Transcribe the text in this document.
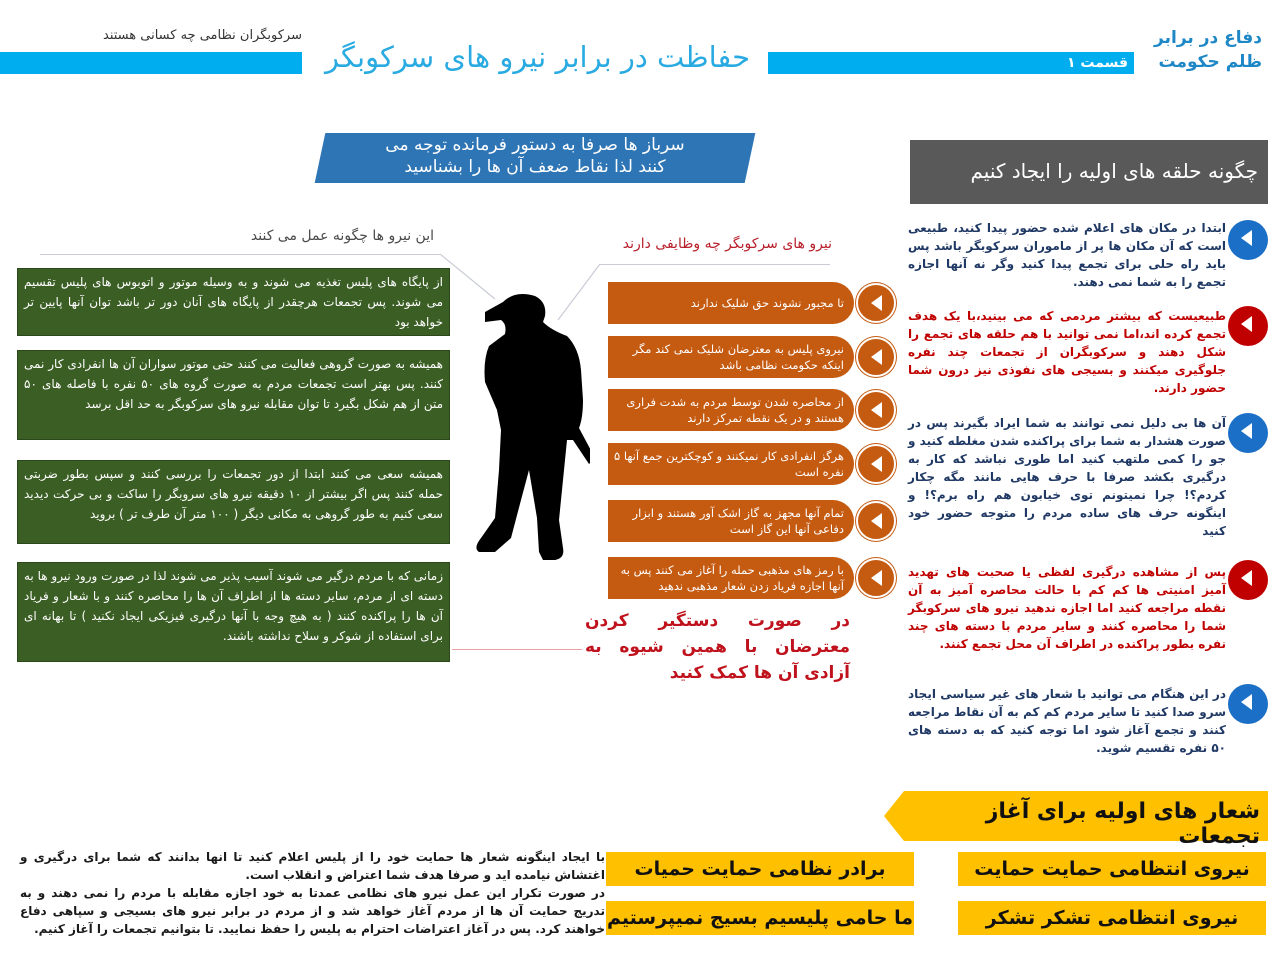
سرکوبگران نظامی چه کسانی هستند
حفاظت در برابر نیرو های سرکوبگر	قسمت ۱
دفاع در برابر
ظلم حکومت
سرباز ها صرفا به دستور فرمانده توجه می
کنند لذا نقاط ضعف آن ها را بشناسید
این نیرو ها چگونه عمل می کنند	نیرو های سرکوبگر چه وظایفی دارند
از پایگاه های پلیس تغذیه می شوند و به وسیله موتور و اتوبوس های پلیس تقسیم می شوند. پس تجمعات هرچقدر از پایگاه های آنان دور تر باشد توان آنها پایین تر خواهد بود
همیشه به صورت گروهی فعالیت می کنند حتی موتور سواران آن ها انفرادی کار نمی کنند. پس بهتر است تجمعات مردم به صورت گروه های ۵۰ نفره با فاصله های ۵۰ متن از هم شکل بگیرد تا توان مقابله نیرو های سرکوبگر به حد اقل برسد
همیشه سعی می کنند ابتدا از دور تجمعات را بررسی کنند و سپس بطور ضربتی حمله کنند پس اگر بیشتر از ۱۰ دقیقه نیرو های سروبگر را ساکت و بی حرکت دیدید سعی کنیم به طور گروهی به مکانی دیگر ( ۱۰۰ متر آن طرف تر ) بروید
زمانی که با مردم درگیر می شوند آسیب پذیر می شوند لذا در صورت ورود نیرو ها به دسته ای از مردم، سایر دسته ها از اطراف آن ها را محاصره کنند و با شعار و فریاد آن ها را پراکنده کنند ( به هیچ وجه با آنها درگیری فیزیکی ایجاد نکنید ) تا بهانه ای برای استفاده از شوکر و سلاح نداشته باشند.
تا مجبور نشوند حق شلیک ندارند
نیروی پلیس به معترضان شلیک نمی کند مگر اینکه حکومت نظامی باشد
از محاصره شدن توسط مردم به شدت فراری هستند و در یک نقطه تمرکز دارند
هرگز انفرادی کار نمیکنند و کوچکترین جمع آنها ۵ نفره است
تمام آنها مجهز به گاز اشک آور هستند و ابزار دفاعی آنها این گاز است
با رمز های مذهبی حمله را آغاز می کنند پس به آنها اجازه فریاد زدن شعار مذهبی ندهید
در صورت دستگیر کردن معترضان با همین شیوه به آزادی آن ها کمک کنید
چگونه حلقه های اولیه را ایجاد کنیم
ابتدا در مکان های اعلام شده حضور پیدا کنید، طبیعی است که آن مکان ها پر از ماموران سرکوبگر باشد پس باید راه حلی برای تجمع پیدا کنید وگر نه آنها اجازه تجمع را به شما نمی دهند.
طبیعیست که بیشتر مردمی که می بینید،با یک هدف تجمع کرده اند،اما نمی توانید با هم حلقه های تجمع را شکل دهند و سرکوبگران از تجمعات چند نفره جلوگیری میکنند و بسیجی های نفوذی نیز درون شما حضور دارند.
آن ها بی دلیل نمی توانند به شما ایراد بگیرند پس در صورت هشدار به شما برای پراکنده شدن مغلطه کنید و جو را کمی ملتهب کنید اما طوری نباشد که کار به درگیری بکشد صرفا با حرف هایی مانند مگه چکار کردم؟! چرا نمیتونم توی خیابون هم راه برم؟! و اینگونه حرف های ساده مردم را متوجه حضور خود کنید
پس از مشاهده درگیری لفظی یا صحبت های تهدید آمیز امنیتی ها کم کم با حالت محاصره آمیز به آن نقطه مراجعه کنید اما اجازه ندهید نیرو های سرکوبگر شما را محاصره کنند و سایر مردم با دسته های چند نفره بطور پراکنده در اطراف آن محل تجمع کنند.
در این هنگام می توانید با شعار های غیر سیاسی ایجاد سرو صدا کنید تا سایر مردم کم کم به آن نقاط مراجعه کنند و تجمع آغاز شود اما توجه کنید که به دسته های ۵۰ نفره تقسیم شوید.
شعار های اولیه برای آغاز تجمعات
نیروی انتظامی حمایت حمایت
برادر نظامی حمایت حمیات
نیروی انتظامی تشکر تشکر
ما حامی پلیسیم بسیج نمیپرستیم
با ایجاد اینگونه شعار ها حمایت خود را از پلیس اعلام کنید تا انها بدانند که شما برای درگیری و اغتشاش نیامده اید و صرفا هدف شما اعتراض و انقلاب است.
در صورت تکرار این عمل نیرو های نظامی عمدتا به خود اجازه مقابله با مردم را نمی دهند و به تدریج حمایت آن ها از مردم آغاز خواهد شد و از مردم در برابر نیرو های بسیجی و سپاهی دفاع خواهند کرد. پس در آغاز اعتراضات احترام به پلیس را حفظ نمایید. تا بتوانیم تجمعات را آغاز کنیم.
